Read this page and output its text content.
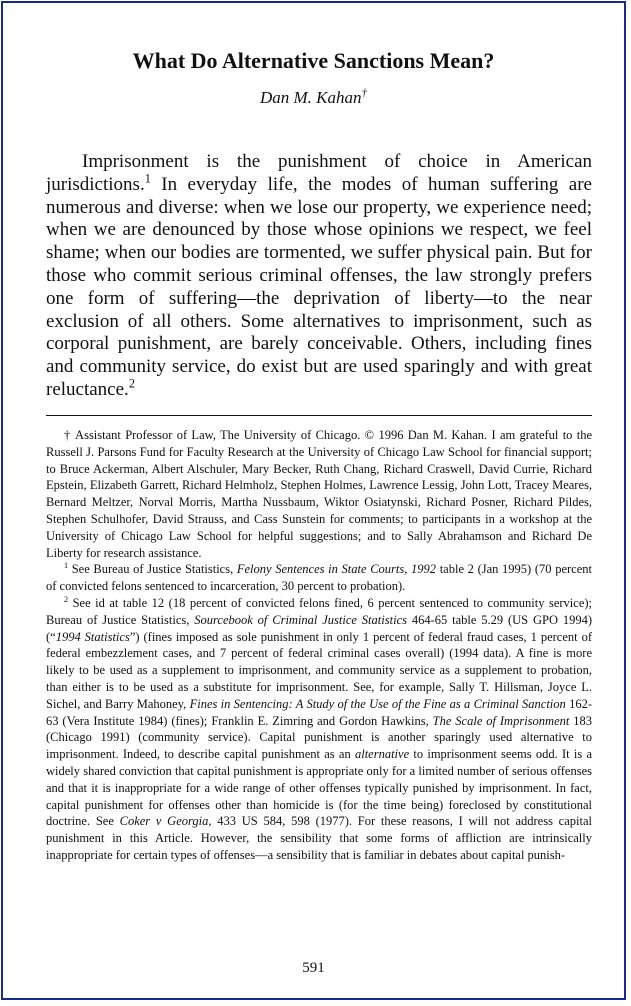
What Do Alternative Sanctions Mean?
Dan M. Kahan†
Imprisonment is the punishment of choice in American jurisdictions.$^1$ In everyday life, the modes of human suffering are numerous and diverse: when we lose our property, we experience need; when we are denounced by those whose opinions we respect, we feel shame; when our bodies are tormented, we suffer physical pain. But for those who commit serious criminal offenses, the law strongly prefers one form of suffering—the deprivation of liberty—to the near exclusion of all others. Some alternatives to imprisonment, such as corporal punishment, are barely conceivable. Others, including fines and community service, do exist but are used sparingly and with great reluctance.$^2$

† Assistant Professor of Law, The University of Chicago. © 1996 Dan M. Kahan. I am grateful to the Russell J. Parsons Fund for Faculty Research at the University of Chicago Law School for financial support; to Bruce Ackerman, Albert Alschuler, Mary Becker, Ruth Chang, Richard Craswell, David Currie, Richard Epstein, Elizabeth Garrett, Richard Helmholz, Stephen Holmes, Lawrence Lessig, John Lott, Tracey Meares, Bernard Meltzer, Norval Morris, Martha Nussbaum, Wiktor Osiatynski, Richard Posner, Richard Pildes, Stephen Schulhofer, David Strauss, and Cass Sunstein for comments; to participants in a workshop at the University of Chicago Law School for helpful suggestions; and to Sally Abrahamson and Richard De Liberty for research assistance.

$^1$ See Bureau of Justice Statistics, Felony Sentences in State Courts, 1992 table 2 (Jan 1995) (70 percent of convicted felons sentenced to incarceration, 30 percent to probation).

$^2$ See id at table 12 (18 percent of convicted felons fined, 6 percent sentenced to community service); Bureau of Justice Statistics, Sourcebook of Criminal Justice Statistics 464-65 table 5.29 (US GPO 1994) (“1994 Statistics”) (fines imposed as sole punishment in only 1 percent of federal fraud cases, 1 percent of federal embezzlement cases, and 7 percent of federal criminal cases overall) (1994 data). A fine is more likely to be used as a supplement to imprisonment, and community service as a supplement to probation, than either is to be used as a substitute for imprisonment. See, for example, Sally T. Hillsman, Joyce L. Sichel, and Barry Mahoney, Fines in Sentencing: A Study of the Use of the Fine as a Criminal Sanction 162-63 (Vera Institute 1984) (fines); Franklin E. Zimring and Gordon Hawkins, The Scale of Imprisonment 183 (Chicago 1991) (community service). Capital punishment is another sparingly used alternative to imprisonment. Indeed, to describe capital punishment as an alternative to imprisonment seems odd. It is a widely shared conviction that capital punishment is appropriate only for a limited number of serious offenses and that it is inappropriate for a wide range of other offenses typically punished by imprisonment. In fact, capital punishment for offenses other than homicide is (for the time being) foreclosed by constitutional doctrine. See Coker v Georgia, 433 US 584, 598 (1977). For these reasons, I will not address capital punishment in this Article. However, the sensibility that some forms of affliction are intrinsically inappropriate for certain types of offenses—a sensibility that is familiar in debates about capital punish-

591
